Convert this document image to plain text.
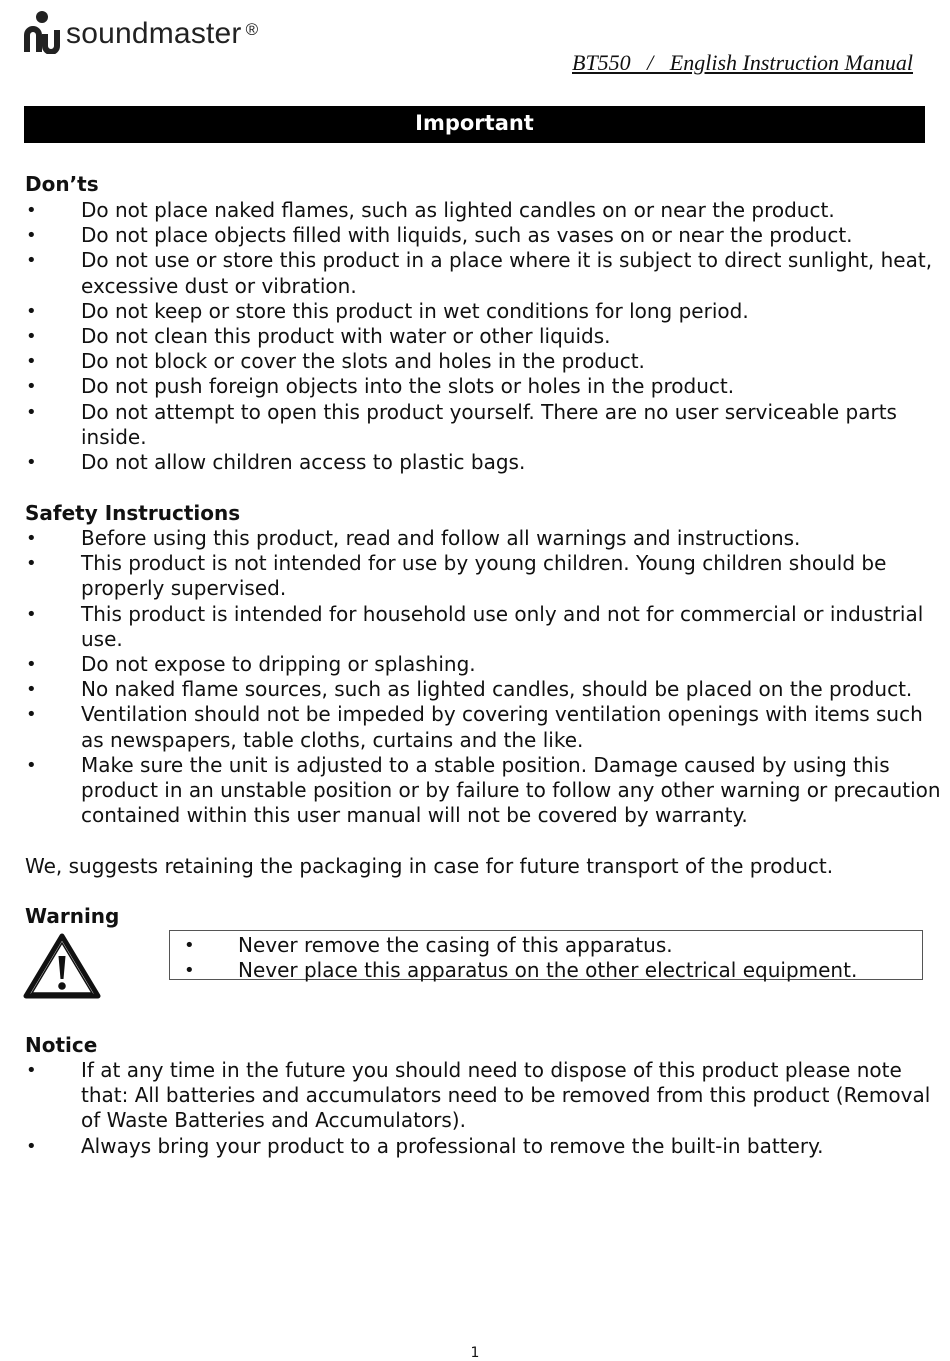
soundmaster ®
BT550   /   English Instruction Manual
Important
Don’ts
• Do not place naked flames, such as lighted candles on or near the product.
• Do not place objects filled with liquids, such as vases on or near the product.
• Do not use or store this product in a place where it is subject to direct sunlight, heat, excessive dust or vibration.
• Do not keep or store this product in wet conditions for long period.
• Do not clean this product with water or other liquids.
• Do not block or cover the slots and holes in the product.
• Do not push foreign objects into the slots or holes in the product.
• Do not attempt to open this product yourself. There are no user serviceable parts inside.
• Do not allow children access to plastic bags.
Safety Instructions
• Before using this product, read and follow all warnings and instructions.
• This product is not intended for use by young children. Young children should be properly supervised.
• This product is intended for household use only and not for commercial or industrial use.
• Do not expose to dripping or splashing.
• No naked flame sources, such as lighted candles, should be placed on the product.
• Ventilation should not be impeded by covering ventilation openings with items such as newspapers, table cloths, curtains and the like.
• Make sure the unit is adjusted to a stable position. Damage caused by using this product in an unstable position or by failure to follow any other warning or precaution contained within this user manual will not be covered by warranty.
We, suggests retaining the packaging in case for future transport of the product.
Warning
• Never remove the casing of this apparatus.
• Never place this apparatus on the other electrical equipment.
Notice
• If at any time in the future you should need to dispose of this product please note that: All batteries and accumulators need to be removed from this product (Removal of Waste Batteries and Accumulators).
• Always bring your product to a professional to remove the built-in battery.
1
